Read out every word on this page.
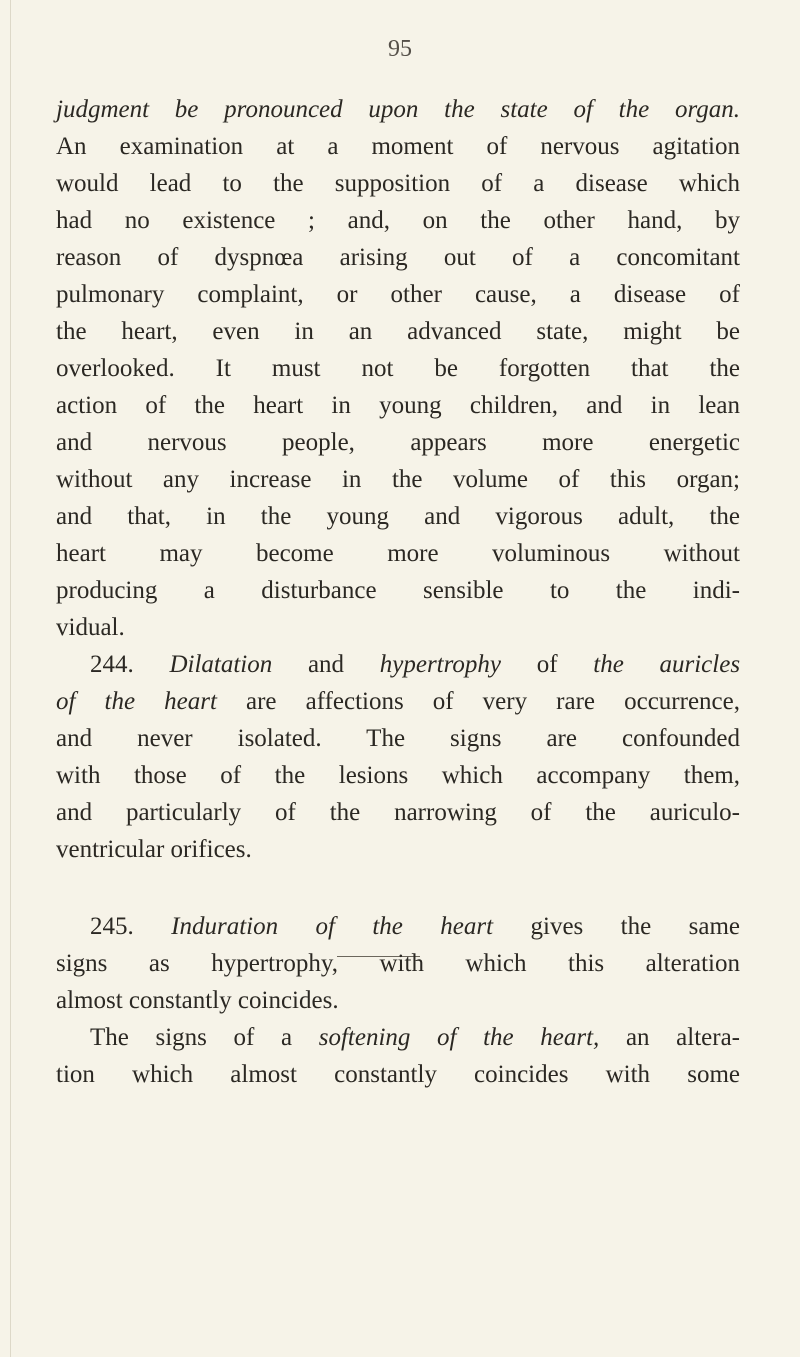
95
judgment be pronounced upon the state of the organ.
An examination at a moment of nervous agitation
would lead to the supposition of a disease which
had no existence ; and, on the other hand, by
reason of dyspnœa arising out of a concomitant
pulmonary complaint, or other cause, a disease of
the heart, even in an advanced state, might be
overlooked. It must not be forgotten that the
action of the heart in young children, and in lean
and nervous people, appears more energetic
without any increase in the volume of this organ;
and that, in the young and vigorous adult, the
heart may become more voluminous without
producing a disturbance sensible to the indi-
vidual.
244. Dilatation and hypertrophy of the auricles
of the heart are affections of very rare occurrence,
and never isolated. The signs are confounded
with those of the lesions which accompany them,
and particularly of the narrowing of the auriculo-
ventricular orifices.
245. Induration of the heart gives the same
signs as hypertrophy, with which this alteration
almost constantly coincides.
The signs of a softening of the heart, an altera-
tion which almost constantly coincides with some
